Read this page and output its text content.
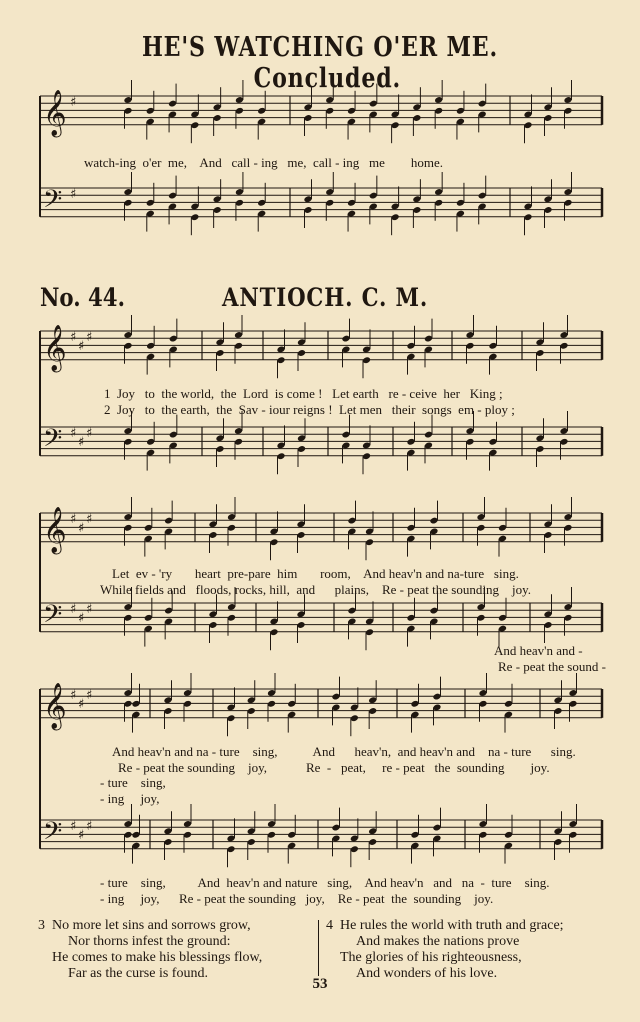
HE'S WATCHING O'ER ME. Concluded.
𝄞 ♯
𝄢 ♯
𝄞 ♯
♯
♯
𝄢 ♯
♯
♯
𝄞 ♯
♯
♯
𝄢 ♯
♯
♯
𝄞 ♯
♯
♯
𝄢 ♯
♯
♯
No. 44.	ANTIOCH. C. M.
watch-ing  o'er  me,    And   call - ing   me,  call - ing   me        home.
1  Joy   to  the world,  the  Lord  is come !   Let earth   re - ceive  her   King ;
2  Joy   to  the earth,  the  Sav - iour reigns !  Let men   their  songs  em - ploy ;
Let  ev - 'ry       heart  pre-pare  him       room,    And heav'n and na-ture   sing.
While fields and   floods, rocks, hill,  and      plains,    Re - peat the sounding    joy.
And heav'n and -
Re - peat the sound -
And heav'n and na - ture    sing,           And      heav'n,  and heav'n and    na - ture      sing.
Re - peat the sounding    joy,            Re  -   peat,     re - peat   the  sounding        joy.
- ture    sing,
- ing     joy,
- ture    sing,          And  heav'n and nature   sing,    And heav'n   and   na  -  ture    sing.
- ing     joy,      Re - peat the sounding   joy,    Re - peat  the  sounding    joy.
3  No more let sins and sorrows grow,
Nor thorns infest the ground:
He comes to make his blessings flow,
Far as the curse is found.
4  He rules the world with truth and grace;
And makes the nations prove
The glories of his righteousness,
And wonders of his love.
53
